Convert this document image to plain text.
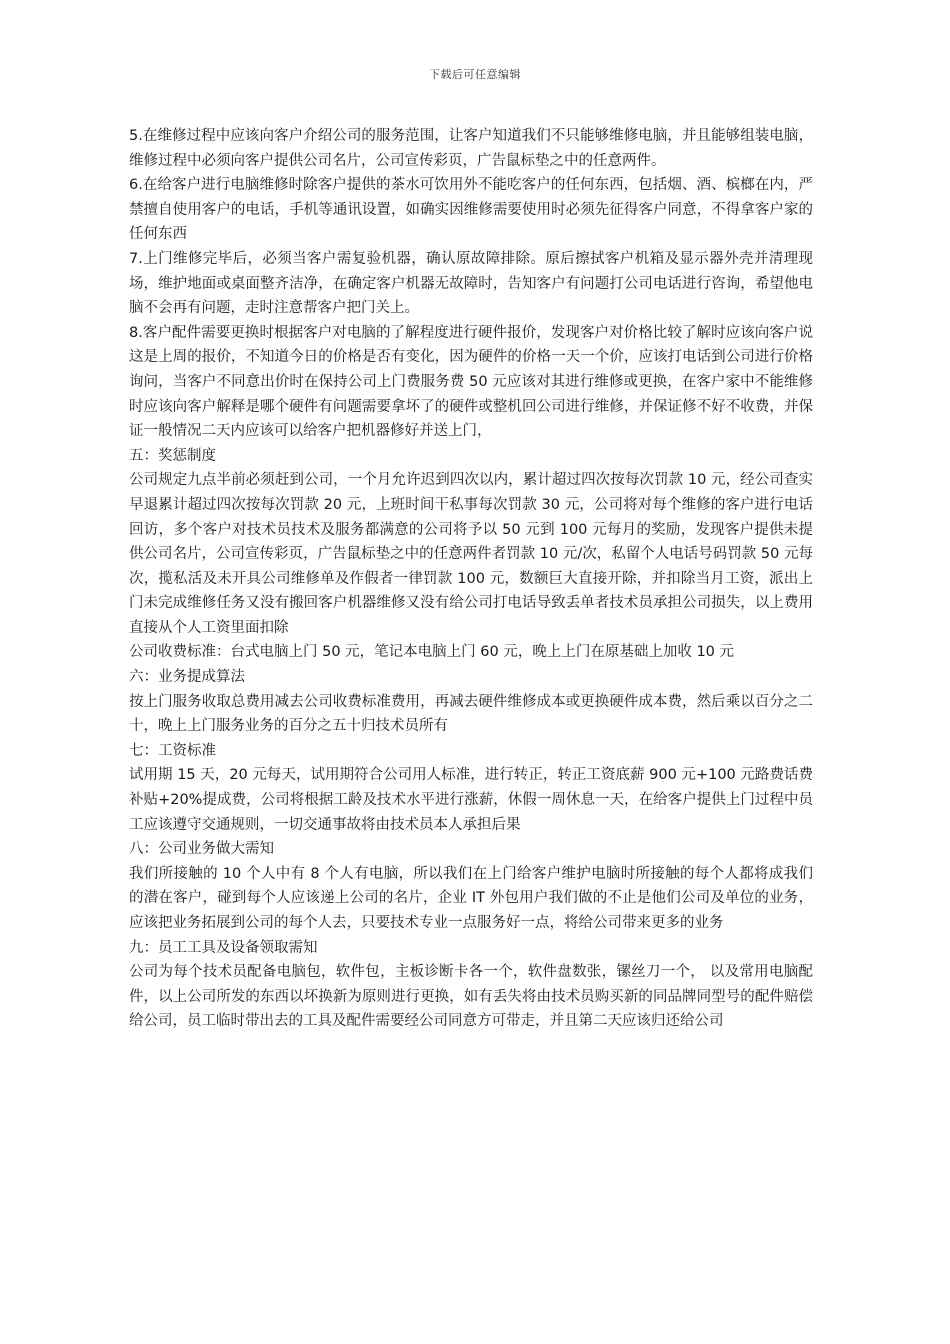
下载后可任意编辑

5.在维修过程中应该向客户介绍公司的服务范围，让客户知道我们不只能够维修电脑，并且能够组装电脑，维修过程中必须向客户提供公司名片，公司宣传彩页，广告鼠标垫之中的任意两件。

6.在给客户进行电脑维修时除客户提供的茶水可饮用外不能吃客户的任何东西，包括烟、酒、槟榔在内，严禁擅自使用客户的电话，手机等通讯设置，如确实因维修需要使用时必须先征得客户同意，不得拿客户家的任何东西

7.上门维修完毕后，必须当客户需复验机器，确认原故障排除。原后擦拭客户机箱及显示器外壳并清理现场，维护地面或桌面整齐洁净，在确定客户机器无故障时，告知客户有问题打公司电话进行咨询，希望他电脑不会再有问题，走时注意帮客户把门关上。

8.客户配件需要更换时根据客户对电脑的了解程度进行硬件报价，发现客户对价格比较了解时应该向客户说这是上周的报价，不知道今日的价格是否有变化，因为硬件的价格一天一个价，应该打电话到公司进行价格询问，当客户不同意出价时在保持公司上门费服务费 50 元应该对其进行维修或更换，在客户家中不能维修时应该向客户解释是哪个硬件有问题需要拿坏了的硬件或整机回公司进行维修，并保证修不好不收费，并保证一般情况二天内应该可以给客户把机器修好并送上门，

五：奖惩制度

公司规定九点半前必须赶到公司，一个月允许迟到四次以内，累计超过四次按每次罚款 10 元，经公司查实早退累计超过四次按每次罚款 20 元，上班时间干私事每次罚款 30 元，公司将对每个维修的客户进行电话回访，多个客户对技术员技术及服务都满意的公司将予以 50 元到 100 元每月的奖励，发现客户提供未提供公司名片，公司宣传彩页，广告鼠标垫之中的任意两件者罚款 10 元/次，私留个人电话号码罚款 50 元每次，揽私活及未开具公司维修单及作假者一律罚款 100 元，数额巨大直接开除，并扣除当月工资，派出上门未完成维修任务又没有搬回客户机器维修又没有给公司打电话导致丢单者技术员承担公司损失，以上费用直接从个人工资里面扣除

公司收费标准：台式电脑上门 50 元，笔记本电脑上门 60 元，晚上上门在原基础上加收 10 元

六：业务提成算法

按上门服务收取总费用减去公司收费标准费用，再减去硬件维修成本或更换硬件成本费，然后乘以百分之二十，晚上上门服务业务的百分之五十归技术员所有

七：工资标准

试用期 15 天，20 元每天，试用期符合公司用人标准，进行转正，转正工资底薪 900 元+100 元路费话费补贴+20%提成费，公司将根据工龄及技术水平进行涨薪，休假一周休息一天，在给客户提供上门过程中员工应该遵守交通规则，一切交通事故将由技术员本人承担后果

八：公司业务做大需知

我们所接触的 10 个人中有 8 个人有电脑，所以我们在上门给客户维护电脑时所接触的每个人都将成我们的潜在客户，碰到每个人应该递上公司的名片，企业 IT 外包用户我们做的不止是他们公司及单位的业务，应该把业务拓展到公司的每个人去，只要技术专业一点服务好一点，将给公司带来更多的业务

九：员工工具及设备领取需知

公司为每个技术员配备电脑包，软件包，主板诊断卡各一个，软件盘数张，镙丝刀一个， 以及常用电脑配件，以上公司所发的东西以坏换新为原则进行更换，如有丢失将由技术员购买新的同品牌同型号的配件赔偿给公司，员工临时带出去的工具及配件需要经公司同意方可带走，并且第二天应该归还给公司
